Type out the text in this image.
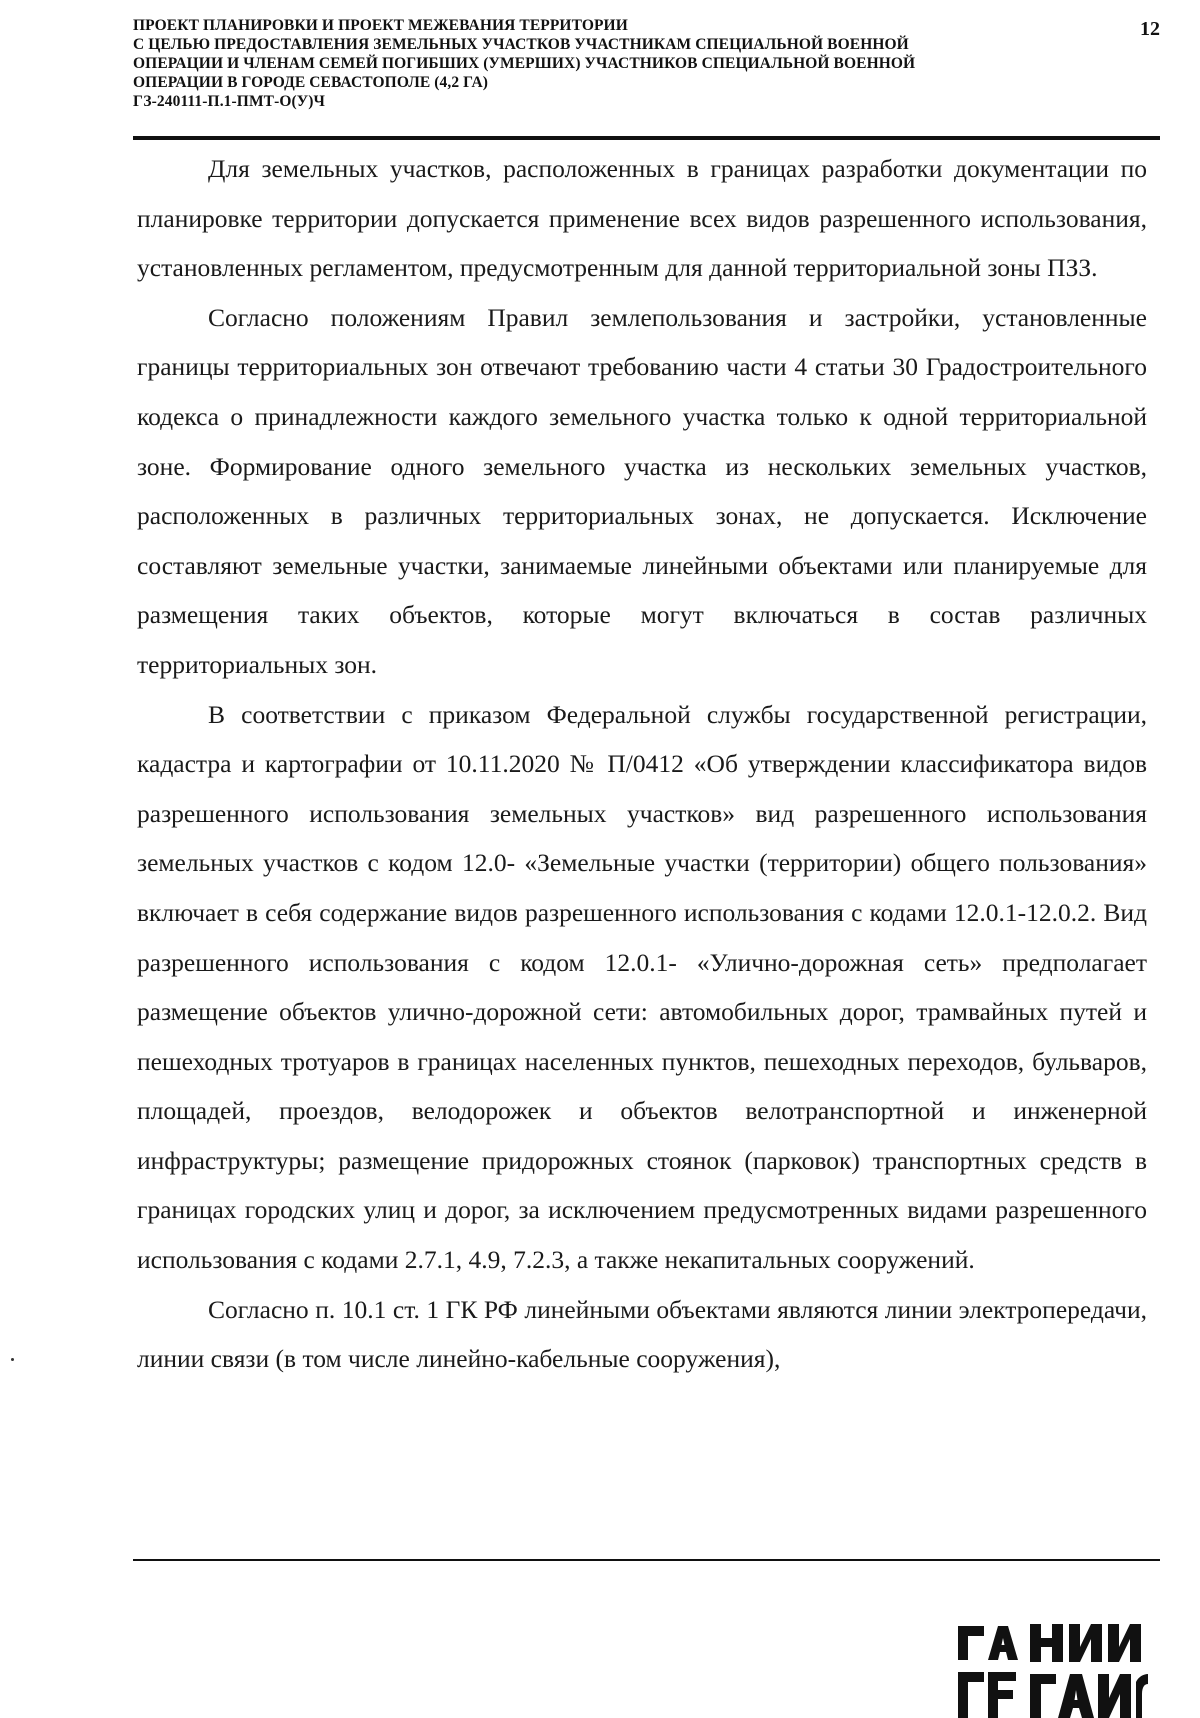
ПРОЕКТ ПЛАНИРОВКИ И ПРОЕКТ МЕЖЕВАНИЯ ТЕРРИТОРИИ
С ЦЕЛЬЮ ПРЕДОСТАВЛЕНИЯ ЗЕМЕЛЬНЫХ УЧАСТКОВ УЧАСТНИКАМ СПЕЦИАЛЬНОЙ ВОЕННОЙ
ОПЕРАЦИИ И ЧЛЕНАМ СЕМЕЙ ПОГИБШИХ (УМЕРШИХ) УЧАСТНИКОВ СПЕЦИАЛЬНОЙ ВОЕННОЙ
ОПЕРАЦИИ В ГОРОДЕ СЕВАСТОПОЛЕ (4,2 ГА)
ГЗ-240111-П.1-ПМТ-О(У)Ч
12

Для земельных участков, расположенных в границах разработки документации по планировке территории допускается применение всех видов разрешенного использования, установленных регламентом, предусмотренным для данной территориальной зоны ПЗЗ.

Согласно положениям Правил землепользования и застройки, установленные границы территориальных зон отвечают требованию части 4 статьи 30 Градостроительного кодекса о принадлежности каждого земельного участка только к одной территориальной зоне. Формирование одного земельного участка из нескольких земельных участков, расположенных в различных территориальных зонах, не допускается. Исключение составляют земельные участки, занимаемые линейными объектами или планируемые для размещения таких объектов, которые могут включаться в состав различных территориальных зон.

В соответствии с приказом Федеральной службы государственной регистрации, кадастра и картографии от 10.11.2020 № П/0412 «Об утверждении классификатора видов разрешенного использования земельных участков» вид разрешенного использования земельных участков с кодом 12.0- «Земельные участки (территории) общего пользования» включает в себя содержание видов разрешенного использования с кодами 12.0.1-12.0.2. Вид разрешенного использования с кодом 12.0.1- «Улично-дорожная сеть» предполагает размещение объектов улично-дорожной сети: автомобильных дорог, трамвайных путей и пешеходных тротуаров в границах населенных пунктов, пешеходных переходов, бульваров, площадей, проездов, велодорожек и объектов велотранспортной и инженерной инфраструктуры; размещение придорожных стоянок (парковок) транспортных средств в границах городских улиц и дорог, за исключением предусмотренных видами разрешенного использования с кодами 2.7.1, 4.9, 7.2.3, а также некапитальных сооружений.

Согласно п. 10.1 ст. 1 ГК РФ линейными объектами являются линии электропередачи, линии связи (в том числе линейно-кабельные сооружения),
